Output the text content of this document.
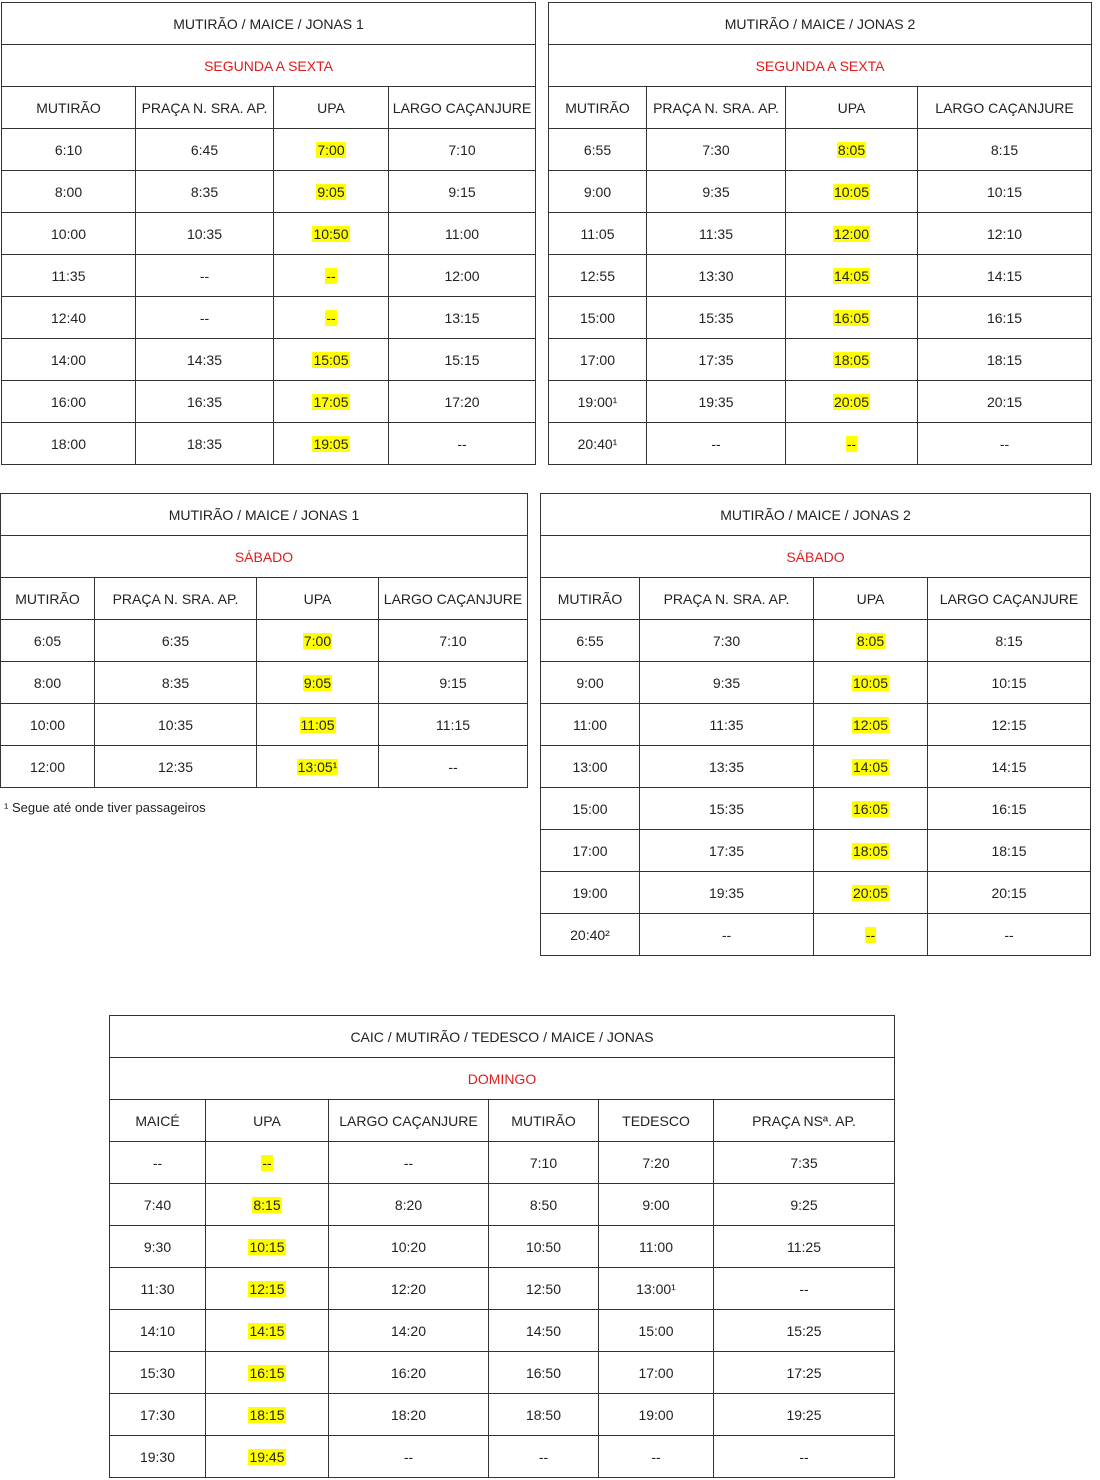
MUTIRÃO / MAICE / JONAS 1			
SEGUNDA A SEXTA			
MUTIRÃO	PRAÇA N. SRA. AP.	UPA	LARGO CAÇANJURE
6:10	6:45	7:00	7:10
8:00	8:35	9:05	9:15
10:00	10:35	10:50	11:00
11:35	--	--	12:00
12:40	--	--	13:15
14:00	14:35	15:05	15:15
16:00	16:35	17:05	17:20
18:00	18:35	19:05	--
MUTIRÃO / MAICE / JONAS 2			
SEGUNDA A SEXTA			
MUTIRÃO	PRAÇA N. SRA. AP.	UPA	LARGO CAÇANJURE
6:55	7:30	8:05	8:15
9:00	9:35	10:05	10:15
11:05	11:35	12:00	12:10
12:55	13:30	14:05	14:15
15:00	15:35	16:05	16:15
17:00	17:35	18:05	18:15
19:00¹	19:35	20:05	20:15
20:40¹	--	--	--
MUTIRÃO / MAICE / JONAS 1			
SÁBADO			
MUTIRÃO	PRAÇA N. SRA. AP.	UPA	LARGO CAÇANJURE
6:05	6:35	7:00	7:10
8:00	8:35	9:05	9:15
10:00	10:35	11:05	11:15
12:00	12:35	13:05¹	--
MUTIRÃO / MAICE / JONAS 2			
SÁBADO			
MUTIRÃO	PRAÇA N. SRA. AP.	UPA	LARGO CAÇANJURE
6:55	7:30	8:05	8:15
9:00	9:35	10:05	10:15
11:00	11:35	12:05	12:15
13:00	13:35	14:05	14:15
15:00	15:35	16:05	16:15
17:00	17:35	18:05	18:15
19:00	19:35	20:05	20:15
20:40²	--	--	--
CAIC / MUTIRÃO / TEDESCO / MAICE / JONAS					
DOMINGO					
MAICÉ	UPA	LARGO CAÇANJURE	MUTIRÃO	TEDESCO	PRAÇA NSª. AP.
--	--	--	7:10	7:20	7:35
7:40	8:15	8:20	8:50	9:00	9:25
9:30	10:15	10:20	10:50	11:00	11:25
11:30	12:15	12:20	12:50	13:00¹	--
14:10	14:15	14:20	14:50	15:00	15:25
15:30	16:15	16:20	16:50	17:00	17:25
17:30	18:15	18:20	18:50	19:00	19:25
19:30	19:45	--	--	--	--
¹ Segue até onde tiver passageiros
